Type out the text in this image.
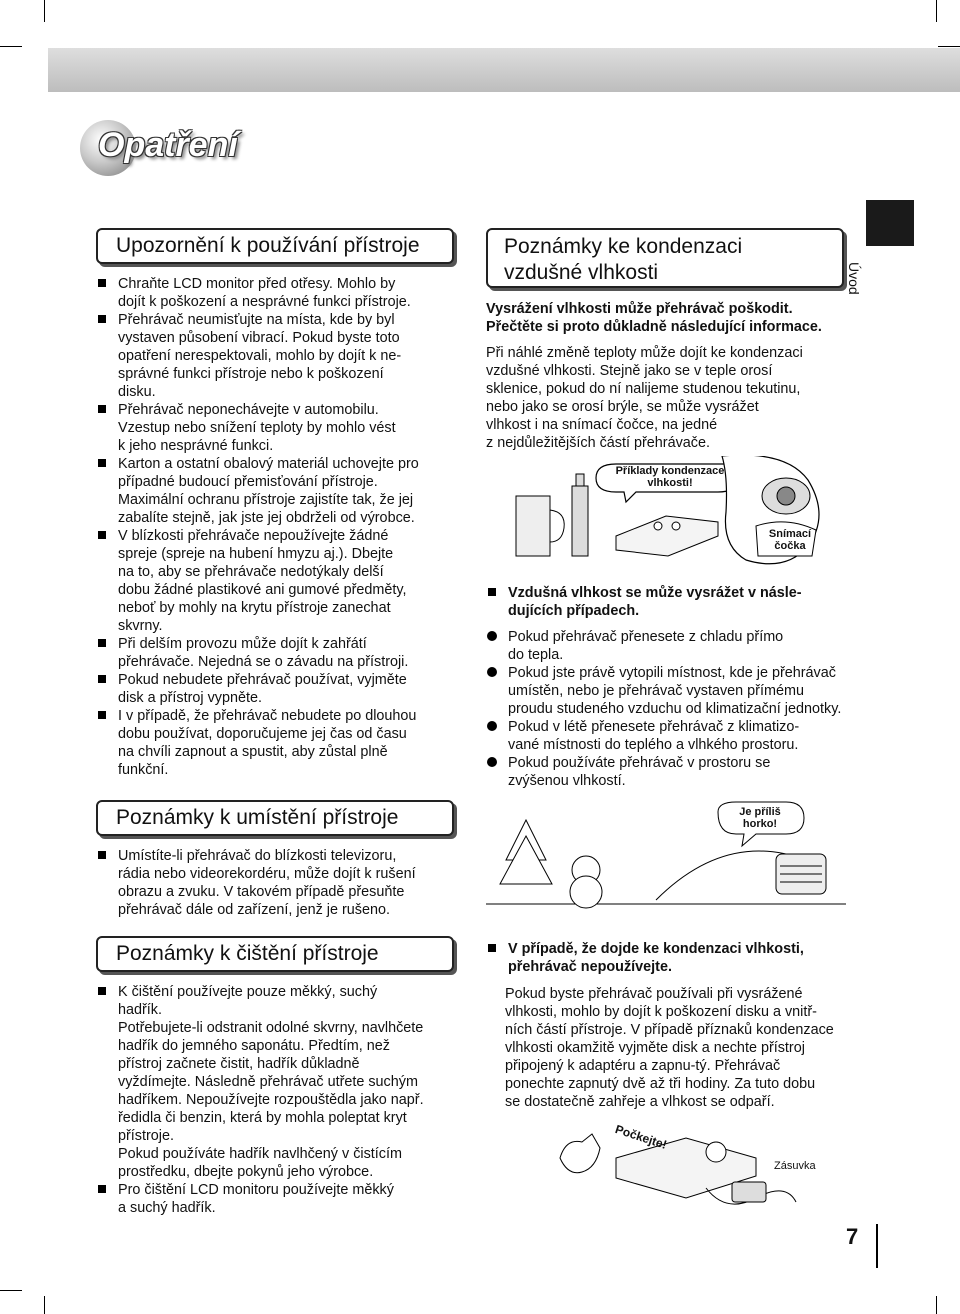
Opatření
Úvod
Upozornění k používání přístroje

Chraňte LCD monitor před otřesy. Mohlo by

dojít k poškození a nesprávné funkci přístroje.

Přehrávač neumisťujte na místa, kde by byl

vystaven působení vibrací. Pokud byste toto

opatření nerespektovali, mohlo by dojít k ne-

správné funkci přístroje nebo k poškození

disku.

Přehrávač neponechávejte v automobilu.

Vzestup nebo snížení teploty by mohlo vést

k jeho nesprávné funkci.

Karton a ostatní obalový materiál uchovejte pro

případné budoucí přemisťování přístroje.

Maximální ochranu přístroje zajistíte tak, že jej

zabalíte stejně, jak jste jej obdrželi od výrobce.

V blízkosti přehrávače nepoužívejte žádné

spreje (spreje na hubení hmyzu aj.). Dbejte

na to, aby se přehrávače nedotýkaly delší

dobu žádné plastikové ani gumové předměty,

neboť by mohly na krytu přístroje zanechat

skvrny.

Při delším provozu může dojít k zahřátí

přehrávače. Nejedná se o závadu na přístroji.

Pokud nebudete přehrávač používat, vyjměte

disk a přístroj vypněte.

I v případě, že přehrávač nebudete po dlouhou

dobu používat, doporučujeme jej čas od času

na chvíli zapnout a spustit, aby zůstal plně

funkční.

Poznámky k umístění přístroje

Umístíte-li přehrávač do blízkosti televizoru,

rádia nebo videorekordéru, může dojít k rušení

obrazu a zvuku. V takovém případě přesuňte

přehrávač dále od zařízení, jenž je rušeno.

Poznámky k čištění přístroje

K čištění používejte pouze měkký, suchý

hadřík.

Potřebujete-li odstranit odolné skvrny, navlhčete

hadřík do jemného saponátu. Předtím, než

přístroj začnete čistit, hadřík důkladně

vyždímejte. Následně přehrávač utřete suchým

hadříkem. Nepoužívejte rozpouštědla jako např.

ředidla či benzin, která by mohla poleptat kryt

přístroje.

Pokud používáte hadřík navlhčený v čistícím

prostředku, dbejte pokynů jeho výrobce.

Pro čištění LCD monitoru používejte měkký

a suchý hadřík.

Poznámky ke kondenzaci
vzdušné vlhkosti

Vysrážení vlhkosti může přehrávač poškodit.

Přečtěte si proto důkladně následující informace.

Při náhlé změně teploty může dojít ke kondenzaci

vzdušné vlhkosti. Stejně jako se v teple orosí

sklenice, pokud do ní nalijeme studenou tekutinu,

nebo jako se orosí brýle, se může vysrážet

vlhkost i na snímací čočce, na jedné

z nejdůležitějších částí přehrávače.

Příklady kondenzace
vlhkosti!
Snímací
čočka

Vzdušná vlhkost se může vysrážet v násle-

dujících případech.

Pokud přehrávač přenesete z chladu přímo

do tepla.

Pokud jste právě vytopili místnost, kde je přehrávač

umístěn, nebo je přehrávač vystaven přímému

proudu studeného vzduchu od klimatizační jednotky.

Pokud v létě přenesete přehrávač z klimatizo-

vané místnosti do teplého a vlhkého prostoru.

Pokud používáte přehrávač v prostoru se

zvýšenou vlhkostí.

Je příliš
horko!

V případě, že dojde ke kondenzaci vlhkosti,

přehrávač nepoužívejte.

Pokud byste přehrávač používali při vysrážené

vlhkosti, mohlo by dojít k poškození disku a vnitř-

ních částí přístroje. V případě příznaků kondenzace

vlhkosti okamžitě vyjměte disk a nechte přístroj

připojený k adaptéru a zapnu-tý. Přehrávač

ponechte zapnutý dvě až tři hodiny. Za tuto dobu

se dostatečně zahřeje a vlhkost se odpaří.

Počkejte!
Zásuvka
7
